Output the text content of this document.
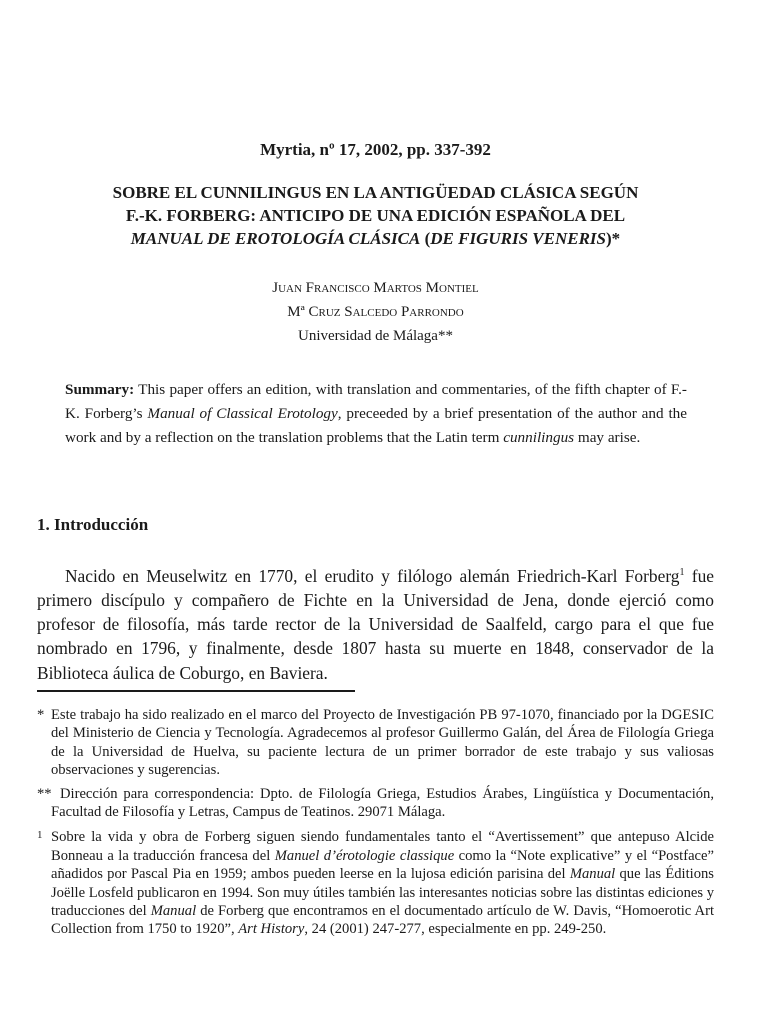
Myrtia, nº 17, 2002, pp. 337-392
SOBRE EL CUNNILINGUS EN LA ANTIGÜEDAD CLÁSICA SEGÚN
F.-K. FORBERG: ANTICIPO DE UNA EDICIÓN ESPAÑOLA DEL
MANUAL DE EROTOLOGÍA CLÁSICA (DE FIGURIS VENERIS)*
Juan Francisco Martos Montiel
Mª Cruz Salcedo Parrondo
Universidad de Málaga**
Summary: This paper offers an edition, with translation and commentaries, of the fifth chapter of F.-K. Forberg’s Manual of Classical Erotology, preceeded by a brief presentation of the author and the work and by a reflection on the translation problems that the Latin term cunnilingus may arise.
1. Introducción

Nacido en Meuselwitz en 1770, el erudito y filólogo alemán Friedrich-Karl Forberg$^1$ fue primero discípulo y compañero de Fichte en la Universidad de Jena, donde ejerció como profesor de filosofía, más tarde rector de la Universidad de Saalfeld, cargo para el que fue nombrado en 1796, y finalmente, desde 1807 hasta su muerte en 1848, conservador de la Biblioteca áulica de Coburgo, en Baviera.

* Este trabajo ha sido realizado en el marco del Proyecto de Investigación PB 97-1070, financiado por la DGESIC del Ministerio de Ciencia y Tecnología. Agradecemos al profesor Guillermo Galán, del Área de Filología Griega de la Universidad de Huelva, su paciente lectura de un primer borrador de este trabajo y sus valiosas observaciones y sugerencias.

** Dirección para correspondencia: Dpto. de Filología Griega, Estudios Árabes, Lingüística y Documentación, Facultad de Filosofía y Letras, Campus de Teatinos. 29071 Málaga.

1 Sobre la vida y obra de Forberg siguen siendo fundamentales tanto el “Avertissement” que antepuso Alcide Bonneau a la traducción francesa del Manuel d’érotologie classique como la “Note explicative” y el “Postface” añadidos por Pascal Pia en 1959; ambos pueden leerse en la lujosa edición parisina del Manual que las Éditions Joëlle Losfeld publicaron en 1994. Son muy útiles también las interesantes noticias sobre las distintas ediciones y traducciones del Manual de Forberg que encontramos en el documentado artículo de W. Davis, “Homoerotic Art Collection from 1750 to 1920”, Art History, 24 (2001) 247-277, especialmente en pp. 249-250.
